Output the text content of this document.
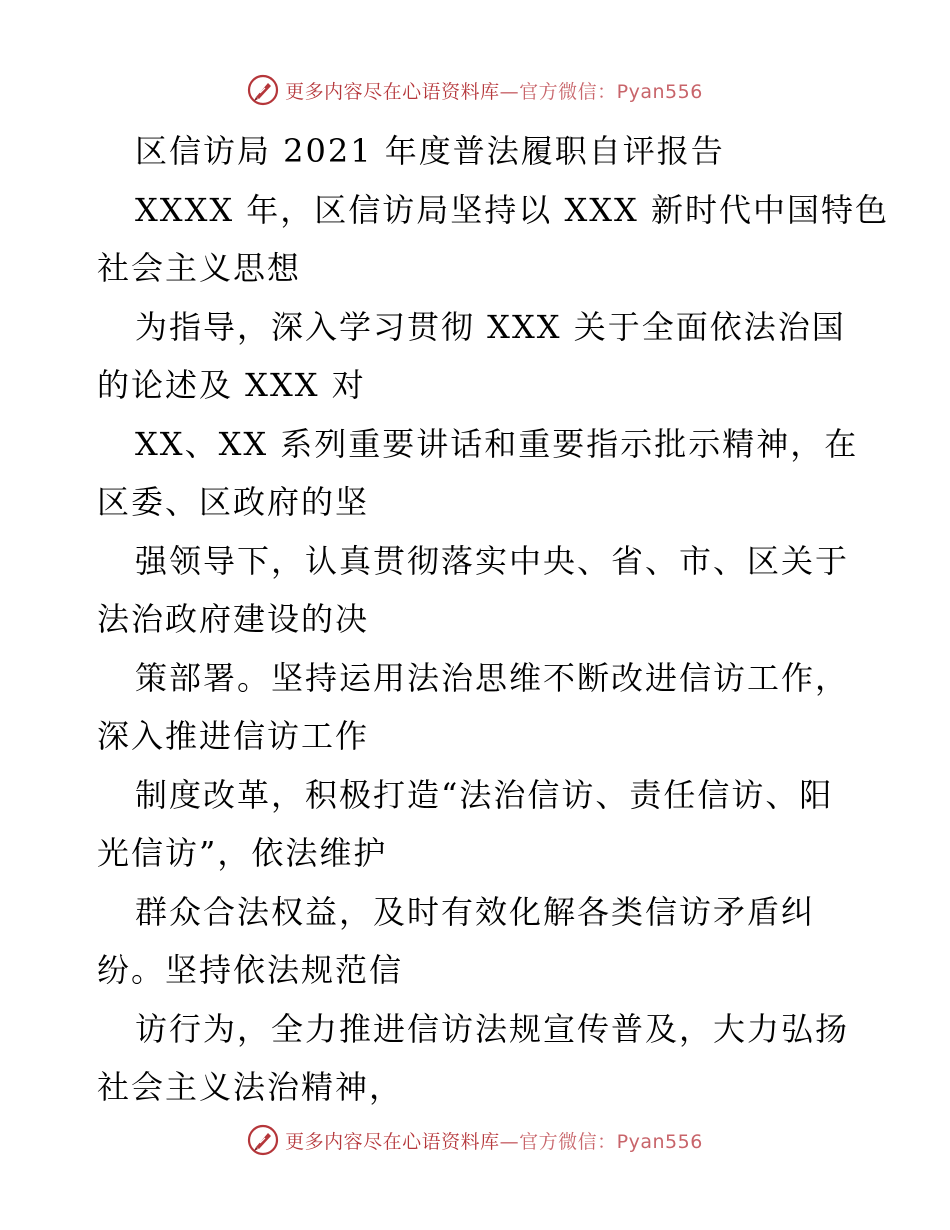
更多内容尽在心语资料库—官方微信：Pyan556
区信访局 2021 年度普法履职自评报告
XXXX 年，区信访局坚持以 XXX 新时代中国特色
社会主义思想
为指导，深入学习贯彻 XXX 关于全面依法治国
的论述及 XXX 对
XX、XX 系列重要讲话和重要指示批示精神，在
区委、区政府的坚
强领导下，认真贯彻落实中央、省、市、区关于
法治政府建设的决
策部署。坚持运用法治思维不断改进信访工作，
深入推进信访工作
制度改革，积极打造“法治信访、责任信访、阳
光信访”，依法维护
群众合法权益，及时有效化解各类信访矛盾纠
纷。坚持依法规范信
访行为，全力推进信访法规宣传普及，大力弘扬
社会主义法治精神，
更多内容尽在心语资料库—官方微信：Pyan556
